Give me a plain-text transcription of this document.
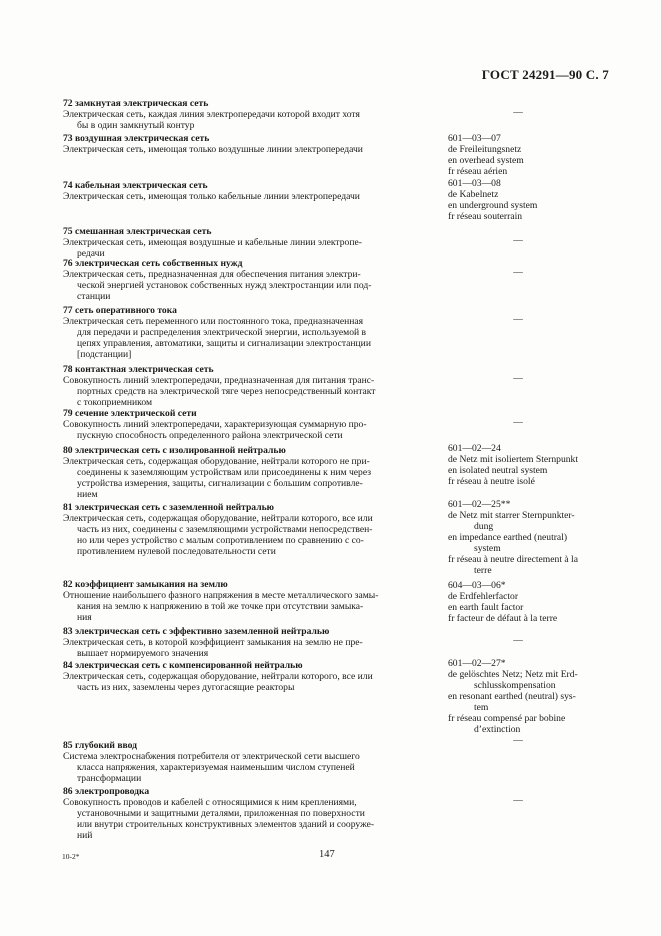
ГОСТ 24291—90 С. 7

72 замкнутая электрическая сеть

Электрическая сеть, каждая линия электропередачи которой входит хотя

бы в один замкнутый контур

—

73 воздушная электрическая сеть

Электрическая сеть, имеющая только воздушные линии электропередачи

601—03—07

de Freileitungsnetz

en overhead system

fr réseau aérien

74 кабельная электрическая сеть

Электрическая сеть, имеющая только кабельные линии электропередачи

601—03—08

de Kabelnetz

en underground system

fr réseau souterrain

75 смешанная электрическая сеть

Электрическая сеть, имеющая воздушные и кабельные линии электропе-

редачи

—

76 электрическая сеть собственных нужд

Электрическая сеть, предназначенная для обеспечения питания электри-

ческой энергией установок собственных нужд электростанции или под-

станции

—

77 сеть оперативного тока

Электрическая сеть переменного или постоянного тока, предназначенная

для передачи и распределения электрической энергии, используемой в

цепях управления, автоматики, защиты и сигнализации электростанции

[подстанции]

—

78 контактная электрическая сеть

Совокупность линий электропередачи, предназначенная для питания транс-

портных средств на электрической тяге через непосредственный контакт

с токоприемником

—

79 сечение электрической сети

Совокупность линий электропередачи, характеризующая суммарную про-

пускную способность определенного района электрической сети

—

80 электрическая сеть с изолированной нейтралью

Электрическая сеть, содержащая оборудование, нейтрали которого не при-

соединены к заземляющим устройствам или присоединены к ним через

устройства измерения, защиты, сигнализации с большим сопротивле-

нием

601—02—24

de Netz mit isoliertem Sternpunkt

en isolated neutral system

fr réseau à neutre isolé

81 электрическая сеть с заземленной нейтралью

Электрическая сеть, содержащая оборудование, нейтрали которого, все или

часть из них, соединены с заземляющими устройствами непосредствен-

но или через устройство с малым сопротивлением по сравнению с со-

противлением нулевой последовательности сети

601—02—25**

de Netz mit starrer Sternpunkter-

dung

en impedance earthed (neutral)

system

fr réseau à neutre directement à la

terre

82 коэффициент замыкания на землю

Отношение наибольшего фазного напряжения в месте металлического замы-

кания на землю к напряжению в той же точке при отсутствии замыка-

ния

604—03—06*

de Erdfehlerfactor

en earth fault factor

fr facteur de défaut à la terre

83 электрическая сеть с эффективно заземленной нейтралью

Электрическая сеть, в которой коэффициент замыкания на землю не пре-

вышает нормируемого значения

—

84 электрическая сеть с компенсированной нейтралью

Электрическая сеть, содержащая оборудование, нейтрали которого, все или

часть из них, заземлены через дугогасящие реакторы

601—02—27*

de gelöschtes Netz; Netz mit Erd-

schlusskompensation

en resonant earthed (neutral) sys-

tem

fr réseau compensé par bobine

d’extinction

—

85 глубокий ввод

Система электроснабжения потребителя от электрической сети высшего

класса напряжения, характеризуемая наименьшим числом ступеней

трансформации

86 электропроводка

Совокупность проводов и кабелей с относящимися к ним креплениями,

установочными и защитными деталями, приложенная по поверхности

или внутри строительных конструктивных элементов зданий и сооруже-

ний

—

10-2*	147
